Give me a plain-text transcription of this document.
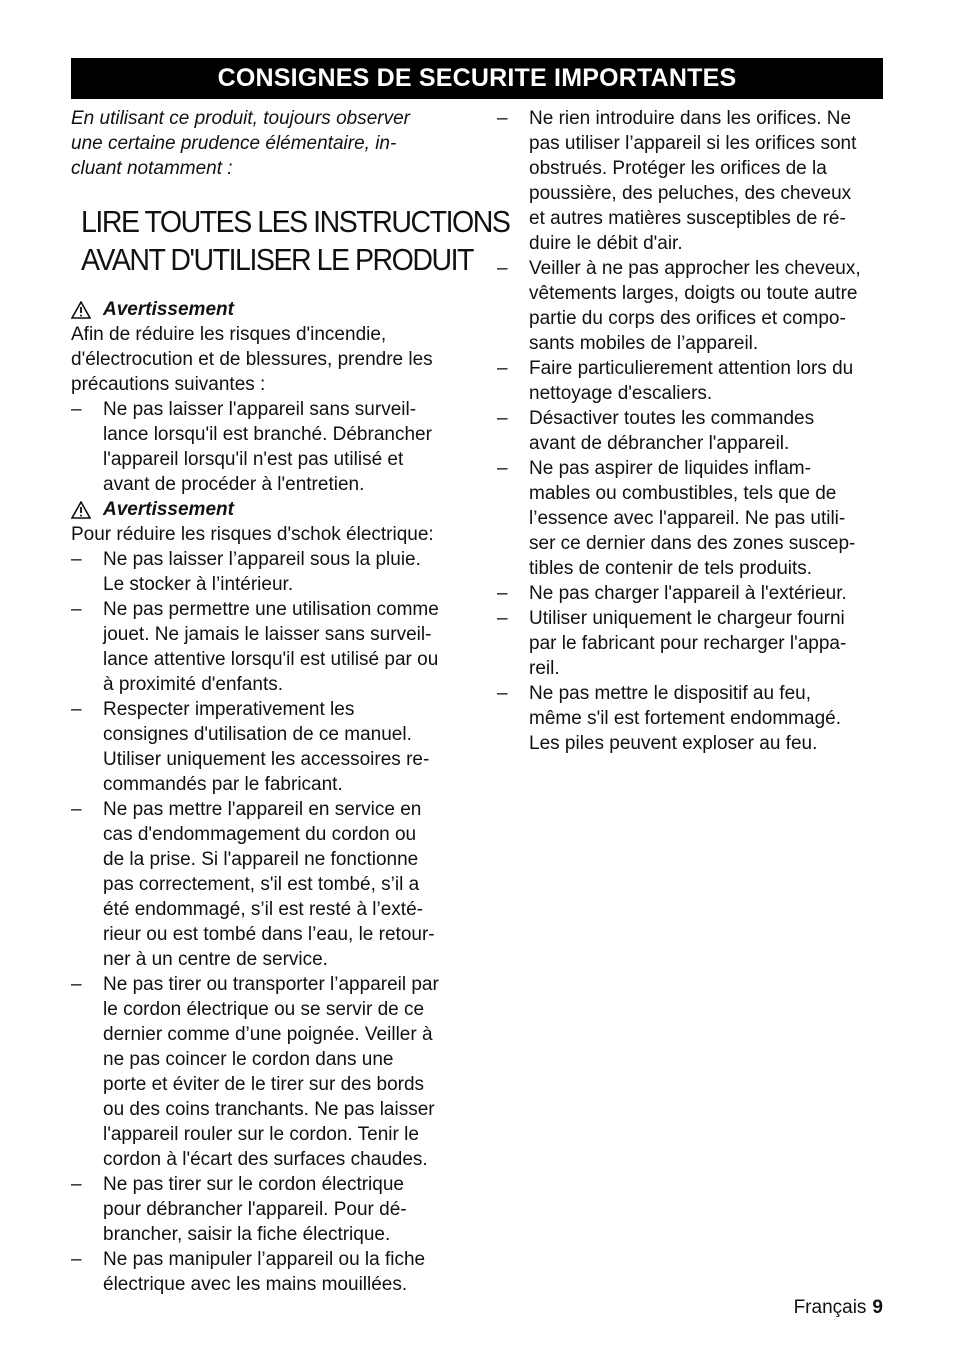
CONSIGNES DE SECURITE IMPORTANTES

En utilisant ce produit, toujours observer
une certaine prudence élémentaire, in-
cluant notamment :

LIRE TOUTES LES INSTRUCTIONS
AVANT D'UTILISER LE PRODUIT

Avertissement

Afin de réduire les risques d'incendie,
d'électrocution et de blessures, prendre les
précautions suivantes :

– Ne pas laisser l'appareil sans surveil-
lance lorsqu'il est branché. Débrancher
l'appareil lorsqu'il n'est pas utilisé et
avant de procéder à l'entretien.

Avertissement

Pour réduire les risques d'schok électrique:

– Ne pas laisser l’appareil sous la pluie.
Le stocker à l’intérieur.
– Ne pas permettre une utilisation comme
jouet. Ne jamais le laisser sans surveil-
lance attentive lorsqu'il est utilisé par ou
à proximité d'enfants.
– Respecter imperativement les
consignes d'utilisation de ce manuel.
Utiliser uniquement les accessoires re-
commandés par le fabricant.
– Ne pas mettre l'appareil en service en
cas d'endommagement du cordon ou
de la prise. Si l'appareil ne fonctionne
pas correctement, s'il est tombé, s’il a
été endommagé, s’il est resté à l’exté-
rieur ou est tombé dans l’eau, le retour-
ner à un centre de service.
– Ne pas tirer ou transporter l’appareil par
le cordon électrique ou se servir de ce
dernier comme d’une poignée. Veiller à
ne pas coincer le cordon dans une
porte et éviter de le tirer sur des bords
ou des coins tranchants. Ne pas laisser
l'appareil rouler sur le cordon. Tenir le
cordon à l'écart des surfaces chaudes.
– Ne pas tirer sur le cordon électrique
pour débrancher l'appareil. Pour dé-
brancher, saisir la fiche électrique.
– Ne pas manipuler l’appareil ou la fiche
électrique avec les mains mouillées.
– Ne rien introduire dans les orifices. Ne
pas utiliser l’appareil si les orifices sont
obstrués. Protéger les orifices de la
poussière, des peluches, des cheveux
et autres matières susceptibles de ré-
duire le débit d'air.
– Veiller à ne pas approcher les cheveux,
vêtements larges, doigts ou toute autre
partie du corps des orifices et compo-
sants mobiles de l’appareil.
– Faire particulierement attention lors du
nettoyage d'escaliers.
– Désactiver toutes les commandes
avant de débrancher l'appareil.
– Ne pas aspirer de liquides inflam-
mables ou combustibles, tels que de
l’essence avec l'appareil. Ne pas utili-
ser ce dernier dans des zones suscep-
tibles de contenir de tels produits.
– Ne pas charger l'appareil à l'extérieur.
– Utiliser uniquement le chargeur fourni
par le fabricant pour recharger l'appa-
reil.
– Ne pas mettre le dispositif au feu,
même s'il est fortement endommagé.
Les piles peuvent exploser au feu.
Français 9
